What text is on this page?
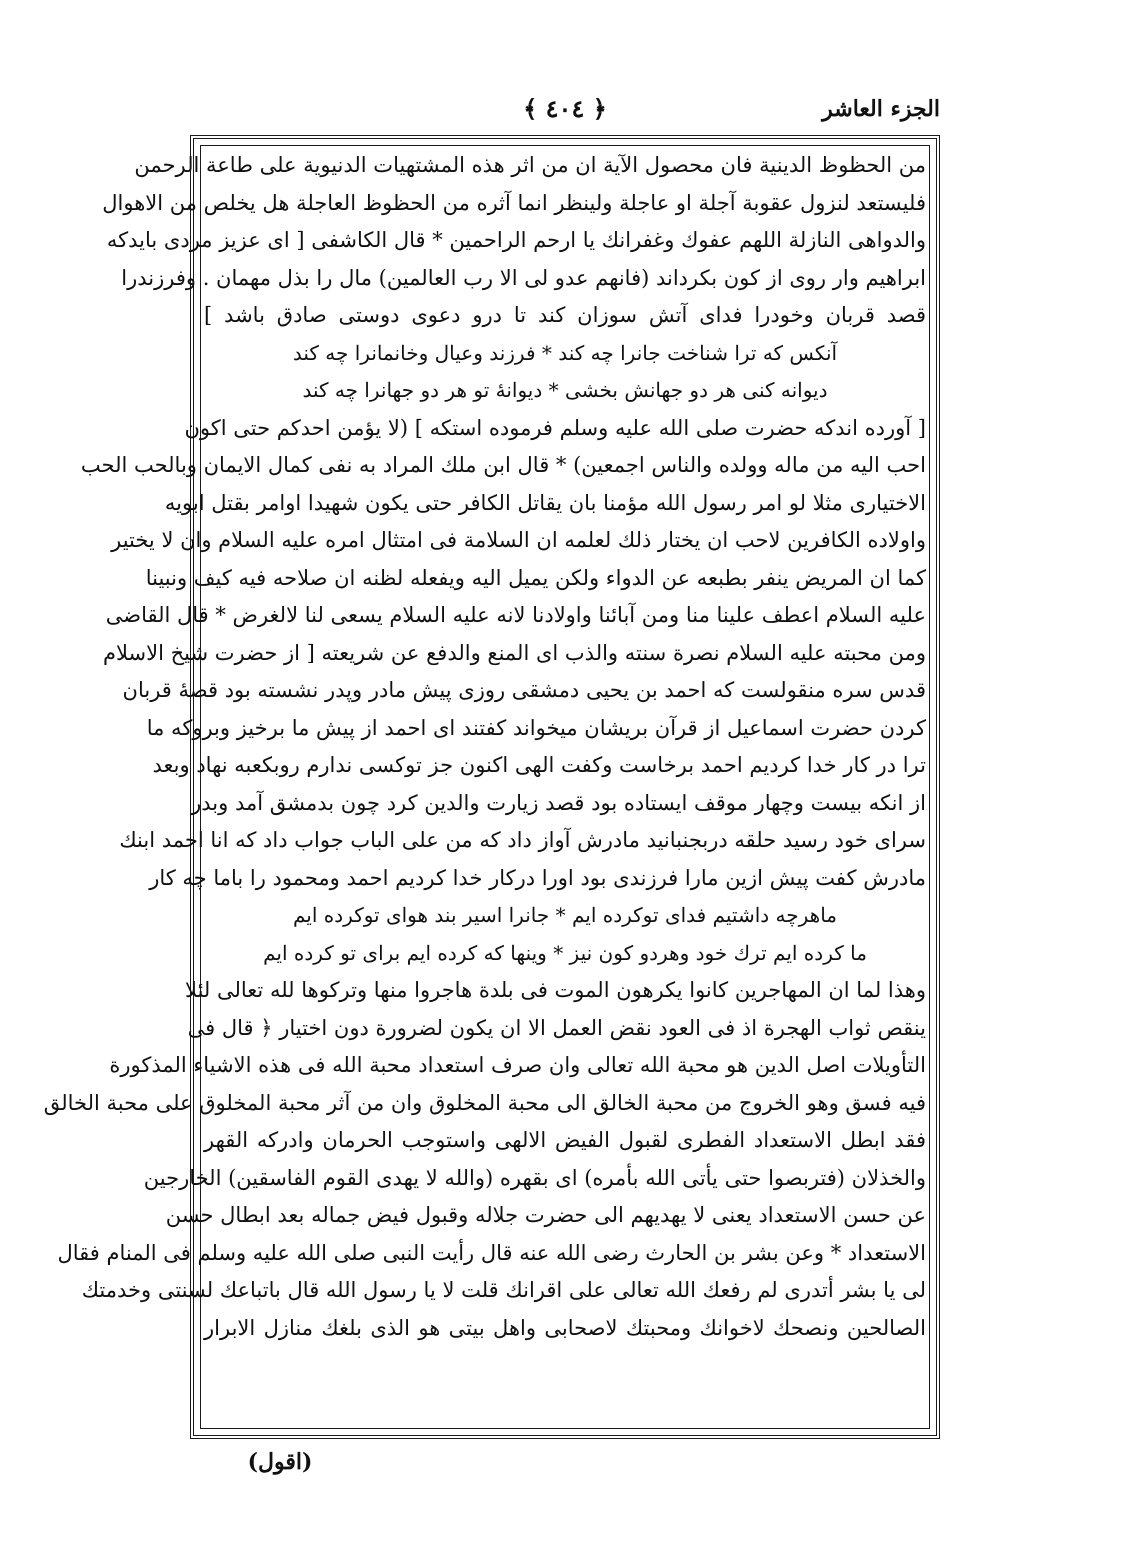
الجزء العاشر
﴿ ٤٠٤ ﴾
من الحظوظ الدينية فان محصول الآية ان من اثر هذه المشتهيات الدنيوية على طاعة الرحمن
فليستعد لنزول عقوبة آجلة او عاجلة ولينظر انما آثره من الحظوظ العاجلة هل يخلص من الاهوال
والدواهى النازلة اللهم عفوك وغفرانك يا ارحم الراحمين * قال الكاشفى [ اى عزيز مردى بايدكه
ابراهيم وار روى از كون بكرداند (فانهم عدو لى الا رب العالمين) مال را بذل مهمان . وفرزندرا
قصد قربان وخودرا فداى آتش سوزان كند تا درو دعوى دوستى صادق باشد ]
آنكس كه ترا شناخت جانرا چه كند * فرزند وعيال وخانمانرا چه كند
ديوانه كنى هر دو جهانش بخشى * ديوانهٔ تو هر دو جهانرا چه كند
[ آورده اندكه حضرت صلى الله عليه وسلم فرموده استكه ] (لا يؤمن احدكم حتى اكون
احب اليه من ماله وولده والناس اجمعين) * قال ابن ملك المراد به نفى كمال الايمان وبالحب الحب
الاختيارى مثلا لو امر رسول الله مؤمنا بان يقاتل الكافر حتى يكون شهيدا اوامر بقتل ابويه
واولاده الكافرين لاحب ان يختار ذلك لعلمه ان السلامة فى امتثال امره عليه السلام وان لا يختير
كما ان المريض ينفر بطبعه عن الدواء ولكن يميل اليه ويفعله لظنه ان صلاحه فيه كيف ونبينا
عليه السلام اعطف علينا منا ومن آبائنا واولادنا لانه عليه السلام يسعى لنا لالغرض * قال القاضى
ومن محبته عليه السلام نصرة سنته والذب اى المنع والدفع عن شريعته [ از حضرت شيخ الاسلام
قدس سره منقولست كه احمد بن يحيى دمشقى روزى پيش مادر وپدر نشسته بود قصهٔ قربان
كردن حضرت اسماعيل از قرآن بريشان ميخواند كفتند اى احمد از پيش ما برخيز وبروكه ما
ترا در كار خدا كرديم احمد برخاست وكفت الهى اكنون جز توكسى ندارم روبكعبه نهاد وبعد
از انكه بيست وچهار موقف ايستاده بود قصد زيارت والدين كرد چون بدمشق آمد وبدر
سراى خود رسيد حلقه دربجنبانيد مادرش آواز داد كه من على الباب جواب داد كه انا احمد ابنك
مادرش كفت پيش ازين مارا فرزندى بود اورا دركار خدا كرديم احمد ومحمود را باما چه كار
ماهرچه داشتيم فداى توكرده ايم * جانرا اسير بند هواى توكرده ايم
ما كرده ايم ترك خود وهردو كون نيز * وينها كه كرده ايم براى تو كرده ايم
وهذا لما ان المهاجرين كانوا يكرهون الموت فى بلدة هاجروا منها وتركوها لله تعالى لئلا
ينقص ثواب الهجرة اذ فى العود نقض العمل الا ان يكون لضرورة دون اختيار ﴿ قال فى
التأويلات اصل الدين هو محبة الله تعالى وان صرف استعداد محبة الله فى هذه الاشياء المذكورة
فيه فسق وهو الخروج من محبة الخالق الى محبة المخلوق وان من آثر محبة المخلوق على محبة الخالق
فقد ابطل الاستعداد الفطرى لقبول الفيض الالهى واستوجب الحرمان وادركه القهر
والخذلان (فتربصوا حتى يأتى الله بأمره) اى بقهره (والله لا يهدى القوم الفاسقين) الخارجين
عن حسن الاستعداد يعنى لا يهديهم الى حضرت جلاله وقبول فيض جماله بعد ابطال حسن
الاستعداد * وعن بشر بن الحارث رضى الله عنه قال رأيت النبى صلى الله عليه وسلم فى المنام فقال
لى يا بشر أتدرى لم رفعك الله تعالى على اقرانك قلت لا يا رسول الله قال باتباعك لسنتى وخدمتك
الصالحين ونصحك لاخوانك ومحبتك لاصحابى واهل بيتى هو الذى بلغك منازل الابرار
(اقول)
